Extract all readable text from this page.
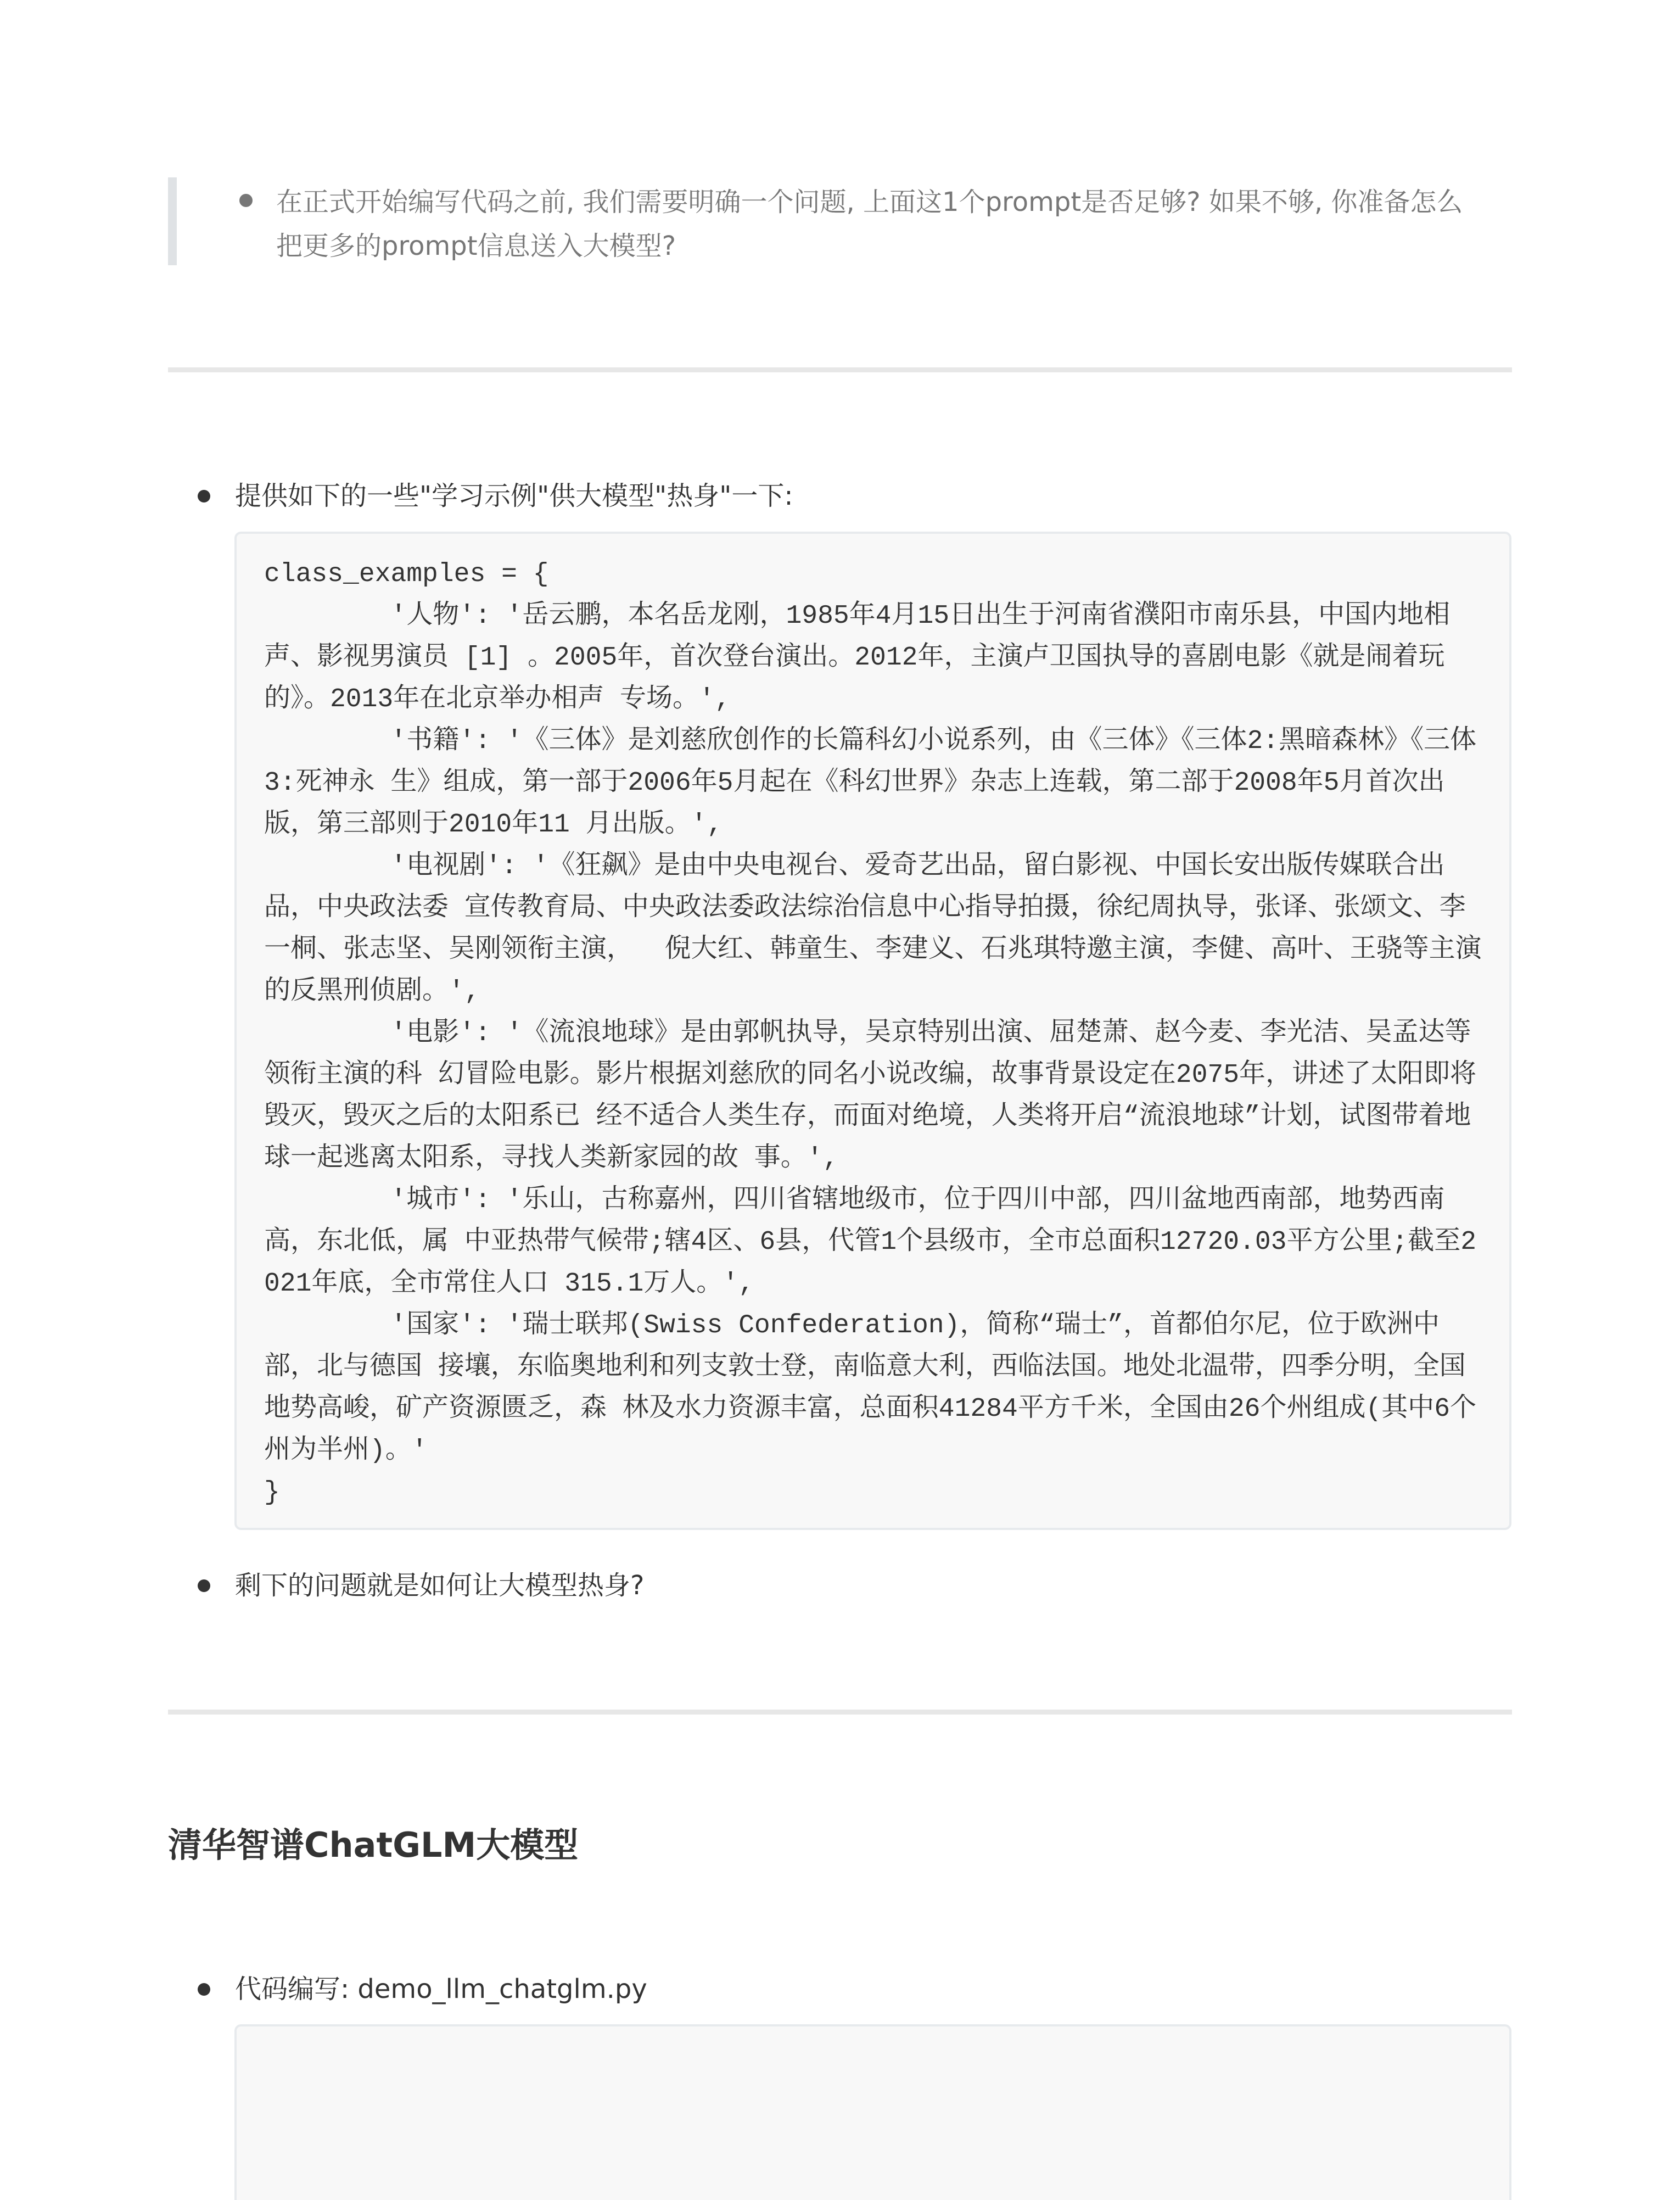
在正式开始编写代码之前, 我们需要明确一个问题, 上面这1个prompt是否足够? 如果不够, 你准备怎么把更多的prompt信息送入大模型?
提供如下的一些"学习示例"供大模型"热身"一下:
class_examples = {
'人物': '岳云鹏，本名岳龙刚，1985年4月15日出生于河南省濮阳市南乐县，中国内地相声、影视男演员 [1] 。2005年，首次登台演出。2012年，主演卢卫国执导的喜剧电影《就是闹着玩的》。2013年在北京举办相声 专场。',
'书籍': '《三体》是刘慈欣创作的长篇科幻小说系列，由《三体》《三体2:黑暗森林》《三体3:死神永 生》组成，第一部于2006年5月起在《科幻世界》杂志上连载，第二部于2008年5月首次出版，第三部则于2010年11 月出版。',
'电视剧': '《狂飙》是由中央电视台、爱奇艺出品，留白影视、中国长安出版传媒联合出品，中央政法委 宣传教育局、中央政法委政法综治信息中心指导拍摄，徐纪周执导，张译、张颂文、李一桐、张志坚、吴刚领衔主演，  倪大红、韩童生、李建义、石兆琪特邀主演，李健、高叶、王骁等主演的反黑刑侦剧。',
'电影': '《流浪地球》是由郭帆执导，吴京特别出演、屈楚萧、赵今麦、李光洁、吴孟达等领衔主演的科 幻冒险电影。影片根据刘慈欣的同名小说改编，故事背景设定在2075年，讲述了太阳即将毁灭，毁灭之后的太阳系已 经不适合人类生存，而面对绝境，人类将开启“流浪地球”计划，试图带着地球一起逃离太阳系，寻找人类新家园的故 事。',
'城市': '乐山，古称嘉州，四川省辖地级市，位于四川中部，四川盆地西南部，地势西南高，东北低，属 中亚热带气候带;辖4区、6县，代管1个县级市，全市总面积12720.03平方公里;截至2021年底，全市常住人口 315.1万人。',
'国家': '瑞士联邦(Swiss Confederation)，简称“瑞士”，首都伯尔尼，位于欧洲中部，北与德国 接壤，东临奥地利和列支敦士登，南临意大利，西临法国。地处北温带，四季分明，全国地势高峻，矿产资源匮乏，森 林及水力资源丰富，总面积41284平方千米，全国由26个州组成(其中6个州为半州)。'
}
剩下的问题就是如何让大模型热身?
清华智谱ChatGLM大模型
代码编写: demo_llm_chatglm.py
